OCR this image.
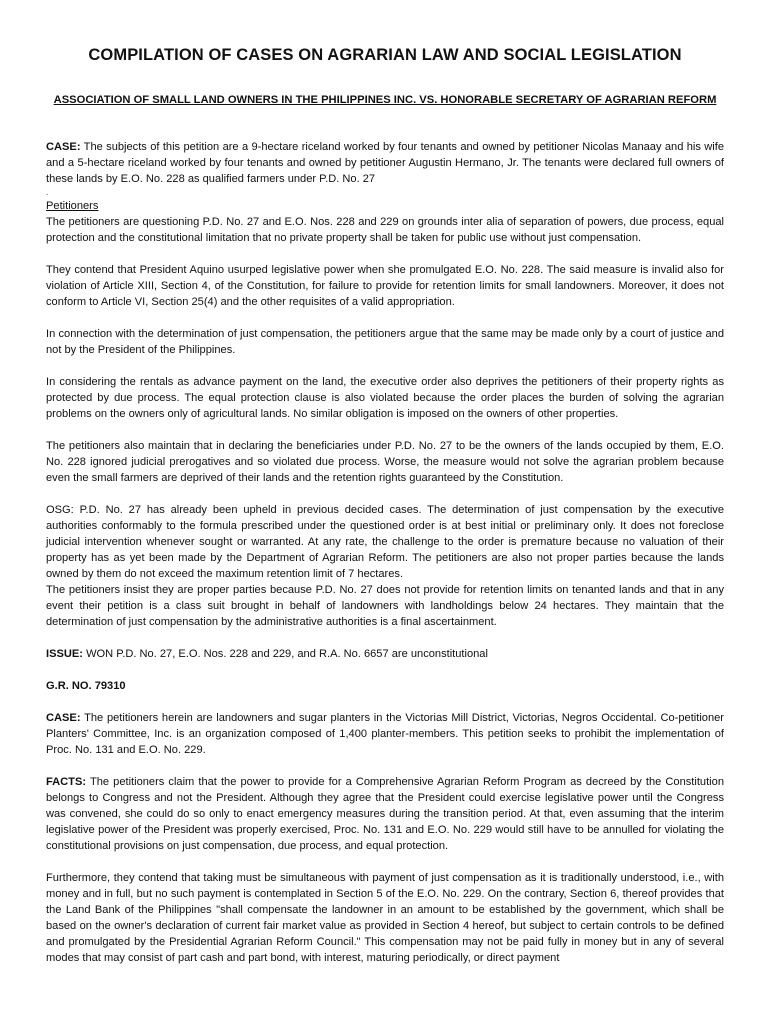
COMPILATION OF CASES ON AGRARIAN LAW AND SOCIAL LEGISLATION
ASSOCIATION OF SMALL LAND OWNERS IN THE PHILIPPINES INC. VS. HONORABLE SECRETARY OF AGRARIAN REFORM

CASE: The subjects of this petition are a 9-hectare riceland worked by four tenants and owned by petitioner Nicolas Manaay and his wife and a 5-hectare riceland worked by four tenants and owned by petitioner Augustin Hermano, Jr. The tenants were declared full owners of these lands by E.O. No. 228 as qualified farmers under P.D. No. 27

.

Petitioners

The petitioners are questioning P.D. No. 27 and E.O. Nos. 228 and 229 on grounds inter alia of separation of powers, due process, equal protection and the constitutional limitation that no private property shall be taken for public use without just compensation.

They contend that President Aquino usurped legislative power when she promulgated E.O. No. 228. The said measure is invalid also for violation of Article XIII, Section 4, of the Constitution, for failure to provide for retention limits for small landowners. Moreover, it does not conform to Article VI, Section 25(4) and the other requisites of a valid appropriation.

In connection with the determination of just compensation, the petitioners argue that the same may be made only by a court of justice and not by the President of the Philippines.

In considering the rentals as advance payment on the land, the executive order also deprives the petitioners of their property rights as protected by due process. The equal protection clause is also violated because the order places the burden of solving the agrarian problems on the owners only of agricultural lands. No similar obligation is imposed on the owners of other properties.

The petitioners also maintain that in declaring the beneficiaries under P.D. No. 27 to be the owners of the lands occupied by them, E.O. No. 228 ignored judicial prerogatives and so violated due process. Worse, the measure would not solve the agrarian problem because even the small farmers are deprived of their lands and the retention rights guaranteed by the Constitution.

OSG: P.D. No. 27 has already been upheld in previous decided cases. The determination of just compensation by the executive authorities conformably to the formula prescribed under the questioned order is at best initial or preliminary only. It does not foreclose judicial intervention whenever sought or warranted. At any rate, the challenge to the order is premature because no valuation of their property has as yet been made by the Department of Agrarian Reform. The petitioners are also not proper parties because the lands owned by them do not exceed the maximum retention limit of 7 hectares.

The petitioners insist they are proper parties because P.D. No. 27 does not provide for retention limits on tenanted lands and that in any event their petition is a class suit brought in behalf of landowners with landholdings below 24 hectares. They maintain that the determination of just compensation by the administrative authorities is a final ascertainment.

ISSUE: WON P.D. No. 27, E.O. Nos. 228 and 229, and R.A. No. 6657 are unconstitutional

G.R. NO. 79310

CASE: The petitioners herein are landowners and sugar planters in the Victorias Mill District, Victorias, Negros Occidental. Co-petitioner Planters' Committee, Inc. is an organization composed of 1,400 planter-members. This petition seeks to prohibit the implementation of Proc. No. 131 and E.O. No. 229.

FACTS: The petitioners claim that the power to provide for a Comprehensive Agrarian Reform Program as decreed by the Constitution belongs to Congress and not the President. Although they agree that the President could exercise legislative power until the Congress was convened, she could do so only to enact emergency measures during the transition period. At that, even assuming that the interim legislative power of the President was properly exercised, Proc. No. 131 and E.O. No. 229 would still have to be annulled for violating the constitutional provisions on just compensation, due process, and equal protection.

Furthermore, they contend that taking must be simultaneous with payment of just compensation as it is traditionally understood, i.e., with money and in full, but no such payment is contemplated in Section 5 of the E.O. No. 229. On the contrary, Section 6, thereof provides that the Land Bank of the Philippines "shall compensate the landowner in an amount to be established by the government, which shall be based on the owner's declaration of current fair market value as provided in Section 4 hereof, but subject to certain controls to be defined and promulgated by the Presidential Agrarian Reform Council." This compensation may not be paid fully in money but in any of several modes that may consist of part cash and part bond, with interest, maturing periodically, or direct payment
